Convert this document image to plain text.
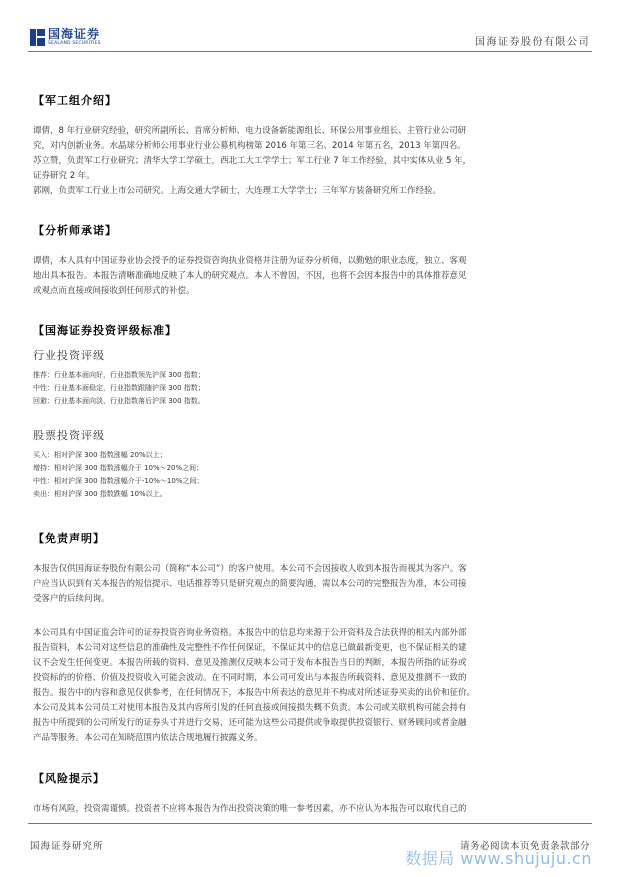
国海证券
SEALAND SECURITIES	国海证券股份有限公司
【军工组介绍】
谭倩，8 年行业研究经验，研究所副所长、首席分析师、电力设备新能源组长、环保公用事业组长、主管行业公司研
究，对内创新业务。水晶球分析师公用事业行业公募机构榜第 2016 年第三名、2014 年第五名，2013 年第四名。
苏立赞，负责军工行业研究；清华大学工学硕士，西北工大工学学士；军工行业 7 年工作经验，其中实体从业 5 年，
证券研究 2 年。
郭刚，负责军工行业上市公司研究。上海交通大学硕士，大连理工大学学士；三年军方装备研究所工作经验。
【分析师承诺】
谭倩，本人具有中国证券业协会授予的证券投资咨询执业资格并注册为证券分析师，以勤勉的职业态度，独立、客观
地出具本报告。本报告清晰准确地反映了本人的研究观点。本人不曾因，不因，也将不会因本报告中的具体推荐意见
或观点而直接或间接收到任何形式的补偿。
【国海证券投资评级标准】
行业投资评级
推荐：行业基本面向好，行业指数领先沪深 300 指数；
中性：行业基本面稳定，行业指数跟随沪深 300 指数；
回避：行业基本面向淡，行业指数落后沪深 300 指数。
股票投资评级
买入：相对沪深 300 指数涨幅 20%以上；
增持：相对沪深 300 指数涨幅介于 10%～20%之间；
中性：相对沪深 300 指数涨幅介于-10%～10%之间；
卖出：相对沪深 300 指数跌幅 10%以上。
【免责声明】
本报告仅供国海证券股份有限公司（简称“本公司”）的客户使用。本公司不会因接收人收到本报告而视其为客户。客
户应当认识到有关本报告的短信提示、电话推荐等只是研究观点的简要沟通，需以本公司的完整报告为准，本公司接
受客户的后续问询。
本公司具有中国证监会许可的证券投资咨询业务资格。本报告中的信息均来源于公开资料及合法获得的相关内部外部
报告资料，本公司对这些信息的准确性及完整性不作任何保证，不保证其中的信息已做最新变更，也不保证相关的建
议不会发生任何变更。本报告所载的资料、意见及推测仅反映本公司于发布本报告当日的判断，本报告所指的证券或
投资标的的价格、价值及投资收入可能会波动。在不同时期，本公司可发出与本报告所载资料、意见及推测不一致的
报告。报告中的内容和意见仅供参考，在任何情况下，本报告中所表达的意见并不构成对所述证券买卖的出价和征价。
本公司及其本公司员工对使用本报告及其内容所引发的任何直接或间接损失概不负责。本公司或关联机构可能会持有
报告中所提到的公司所发行的证券头寸并进行交易，还可能为这些公司提供或争取提供投资银行、财务顾问或者金融
产品等服务。本公司在知晓范围内依法合规地履行披露义务。
【风险提示】
市场有风险，投资需谨慎。投资者不应将本报告为作出投资决策的唯一参考因素，亦不应认为本报告可以取代自己的
国海证券研究所	请务必阅读本页免责条款部分
数据局 www.shujuju.cn
